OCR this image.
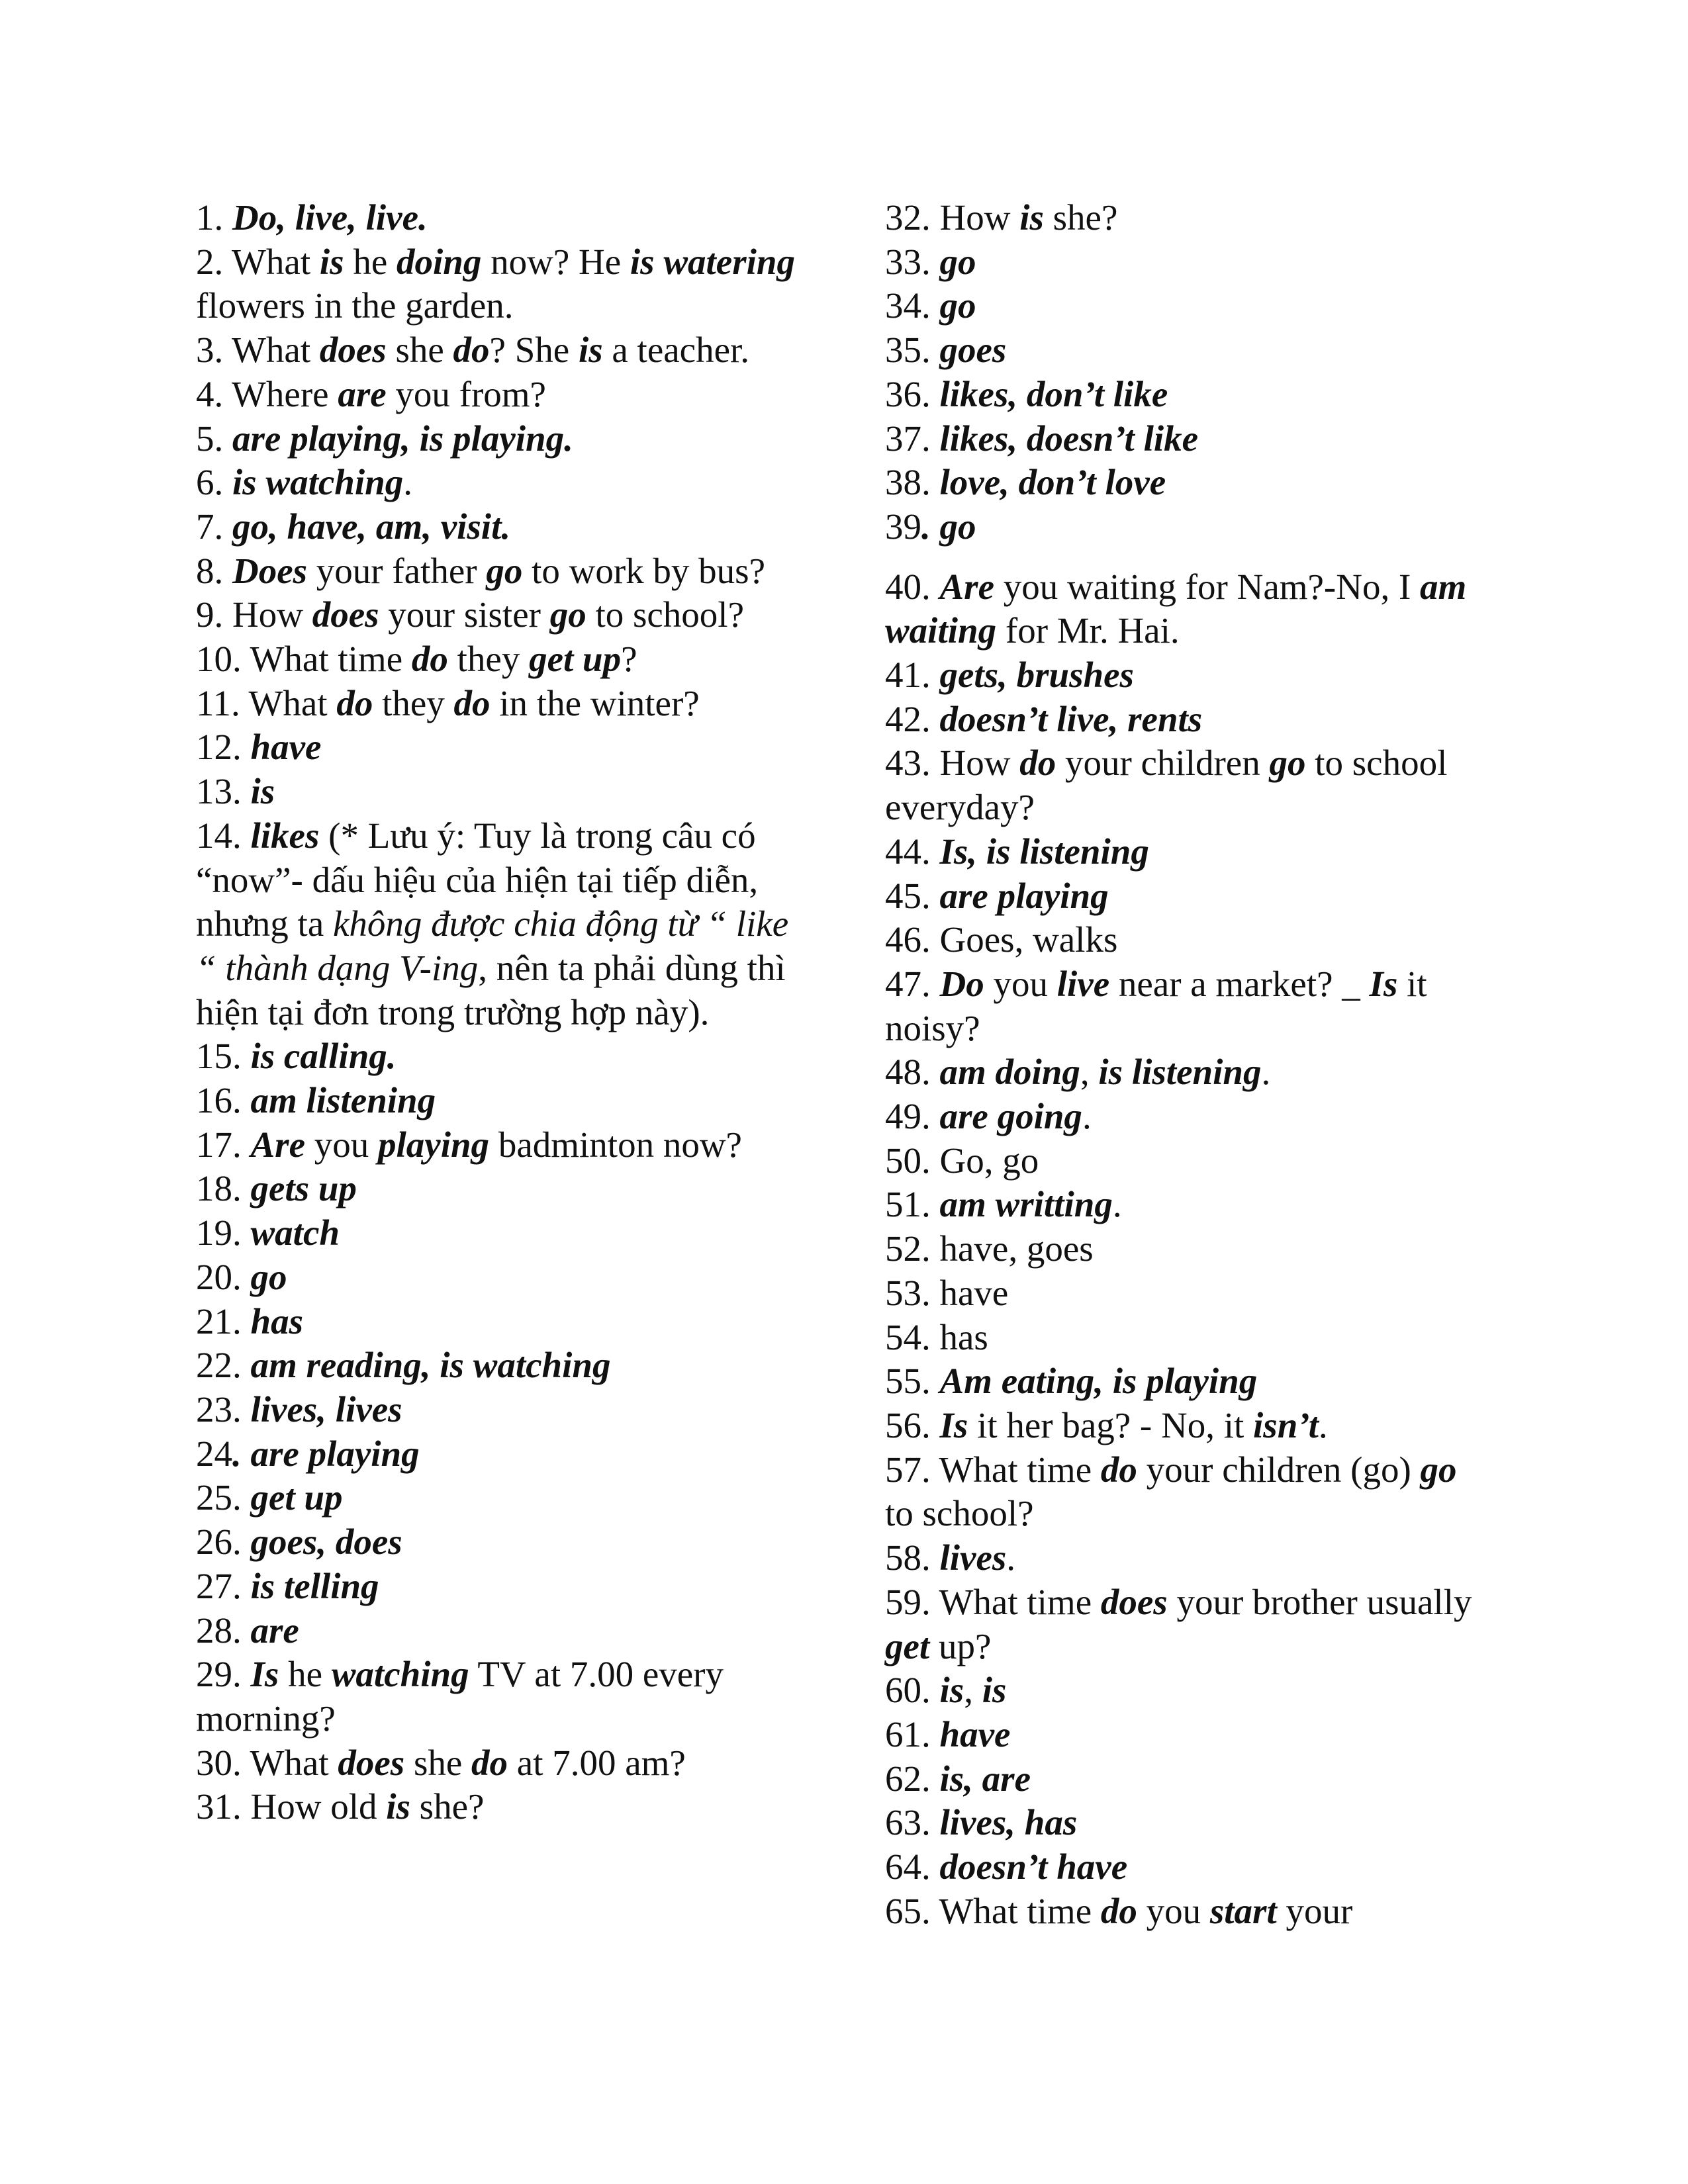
1. Do, live, live.
2. What is he doing now? He is watering flowers in the garden.
3. What does she do? She is a teacher.
4. Where are you from?
5. are playing, is playing.
6. is watching.
7. go, have, am, visit.
8. Does your father go to work by bus?
9. How does your sister go to school?
10. What time do they get up?
11. What do they do in the winter?
12. have
13. is
14. likes (* Lưu ý: Tuy là trong câu có “now”- dấu hiệu của hiện tại tiếp diễn, nhưng ta không được chia động từ “ like “ thành dạng V-ing, nên ta phải dùng thì hiện tại đơn trong trường hợp này).
15. is calling.
16. am listening
17. Are you playing badminton now?
18. gets up
19. watch
20. go
21. has
22. am reading, is watching
23. lives, lives
24. are playing
25. get up
26. goes, does
27. is telling
28. are
29. Is he watching TV at 7.00 every morning?
30. What does she do at 7.00 am?
31. How old is she?
32. How is she?
33. go
34. go
35. goes
36. likes, don’t like
37. likes, doesn’t like
38. love, don’t love
39. go
40. Are you waiting for Nam?-No, I am waiting for Mr. Hai.
41. gets, brushes
42. doesn’t live, rents
43. How do your children go to school everyday?
44. Is, is listening
45. are playing
46. Goes, walks
47. Do you live near a market? _ Is it noisy?
48. am doing, is listening.
49. are going.
50. Go, go
51. am writting.
52. have, goes
53. have
54. has
55. Am eating, is playing
56. Is it her bag? - No, it isn’t.
57. What time do your children (go) go to school?
58. lives.
59. What time does your brother usually get up?
60. is, is
61. have
62. is, are
63. lives, has
64. doesn’t have
65. What time do you start your
